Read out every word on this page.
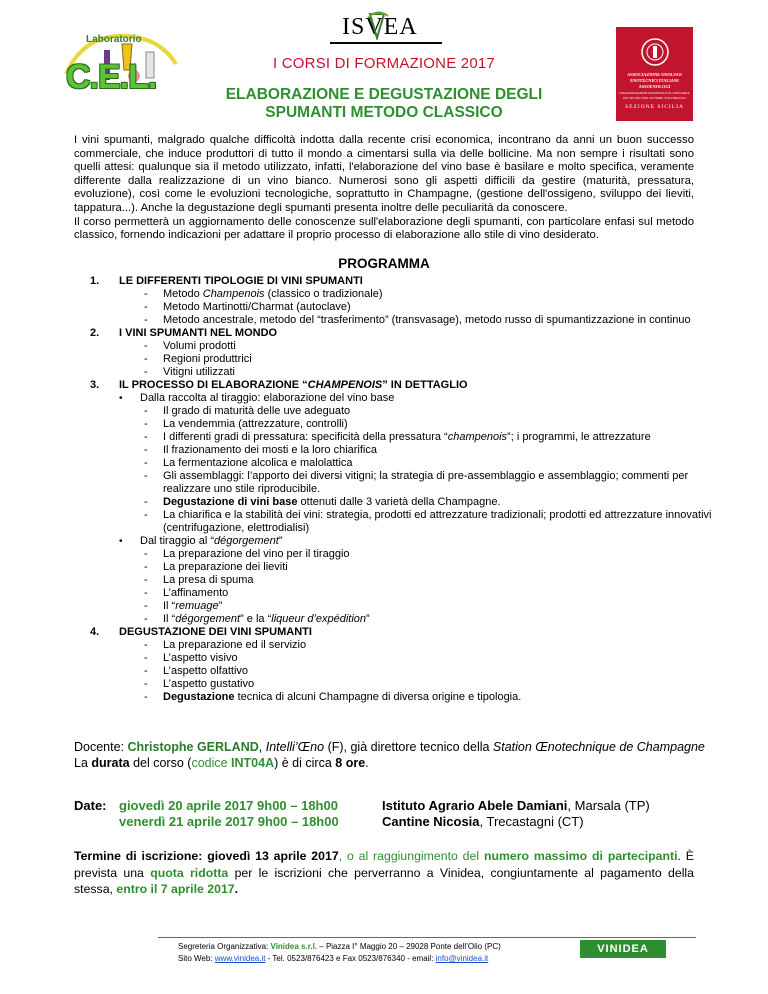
Laboratorio
C.E.L.
ISVEA
I CORSI DI FORMAZIONE 2017
ELABORAZIONE E DEGUSTAZIONE DEGLI
SPUMANTI METODO CLASSICO
ASSOCIAZIONE ENOLOGI
ENOTECNICI ITALIANI
ASSOENOLOGI
ORGANIZZAZIONE NAZIONALE DI CATEGORIA
DEI TECNICI DEL SETTORE VITIVINICOLO
SEZIONE SICILIA

I vini spumanti, malgrado qualche difficoltà indotta dalla recente crisi economica, incontrano da anni un buon successo commerciale, che induce produttori di tutto il mondo a cimentarsi sulla via delle bollicine. Ma non sempre i risultati sono quelli attesi: qualunque sia il metodo utilizzato, infatti, l'elaborazione del vino base è basilare e molto specifica, veramente differente dalla realizzazione di un vino bianco. Numerosi sono gli aspetti difficili da gestire (maturità, pressatura, evoluzione), così come le evoluzioni tecnologiche, soprattutto in Champagne, (gestione dell'ossigeno, sviluppo dei lieviti, tappatura...). Anche la degustazione degli spumanti presenta inoltre delle peculiarità da conoscere.

Il corso permetterà un aggiornamento delle conoscenze sull'elaborazione degli spumanti, con particolare enfasi sul metodo classico, fornendo indicazioni per adattare il proprio processo di elaborazione allo stile di vino desiderato.

PROGRAMMA
1. LE DIFFERENTI TIPOLOGIE DI VINI SPUMANTI
- Metodo Champenois (classico o tradizionale)
- Metodo Martinotti/Charmat (autoclave)
- Metodo ancestrale, metodo del “trasferimento” (transvasage), metodo russo di spumantizzazione in continuo
2. I VINI SPUMANTI NEL MONDO
- Volumi prodotti
- Regioni produttrici
- Vitigni utilizzati
3. IL PROCESSO DI ELABORAZIONE “CHAMPENOIS” IN DETTAGLIO
• Dalla raccolta al tiraggio: elaborazione del vino base
- Il grado di maturità delle uve adeguato
- La vendemmia (attrezzature, controlli)
- I differenti gradi di pressatura: specificità della pressatura “champenois”; i programmi, le attrezzature
- Il frazionamento dei mosti e la loro chiarifica
- La fermentazione alcolica e malolattica
- Gli assemblaggi: l’apporto dei diversi vitigni; la strategia di pre-assemblaggio e assemblaggio; commenti per
realizzare uno stile riproducibile.
- Degustazione di vini base ottenuti dalle 3 varietà della Champagne.
- La chiarifica e la stabilità dei vini: strategia, prodotti ed attrezzature tradizionali; prodotti ed attrezzature innovativi
(centrifugazione, elettrodialisi)
• Dal tiraggio al “dégorgement”
- La preparazione del vino per il tiraggio
- La preparazione dei lieviti
- La presa di spuma
- L’affinamento
- Il “remuage”
- Il “dégorgement” e la “liqueur d’expédition”
4. DEGUSTAZIONE DEI VINI SPUMANTI
- La preparazione ed il servizio
- L’aspetto visivo
- L’aspetto olfattivo
- L’aspetto gustativo
- Degustazione tecnica di alcuni Champagne di diversa origine e tipologia.
Docente: Christophe GERLAND, Intelli’Œno (F), già direttore tecnico della Station Œnotechnique de Champagne
La durata del corso (codice INT04A) è di circa 8 ore.
Date: giovedì 20 aprile 2017 9h00 – 18h00
venerdì 21 aprile 2017 9h00 – 18h00
Istituto Agrario Abele Damiani, Marsala (TP)
Cantine Nicosia, Trecastagni (CT)
Termine di iscrizione: giovedì 13 aprile 2017, o al raggiungimento del numero massimo di partecipanti. È prevista una quota ridotta per le iscrizioni che perverranno a Vinidea, congiuntamente al pagamento della stessa, entro il 7 aprile 2017.
Segreteria Organizzativa: Vinidea s.r.l. – Piazza I° Maggio 20 – 29028 Ponte dell’Olio (PC)
Sito Web: www.vinidea.it - Tel. 0523/876423 e Fax 0523/876340 - email: info@vinidea.it
VINIDEA
